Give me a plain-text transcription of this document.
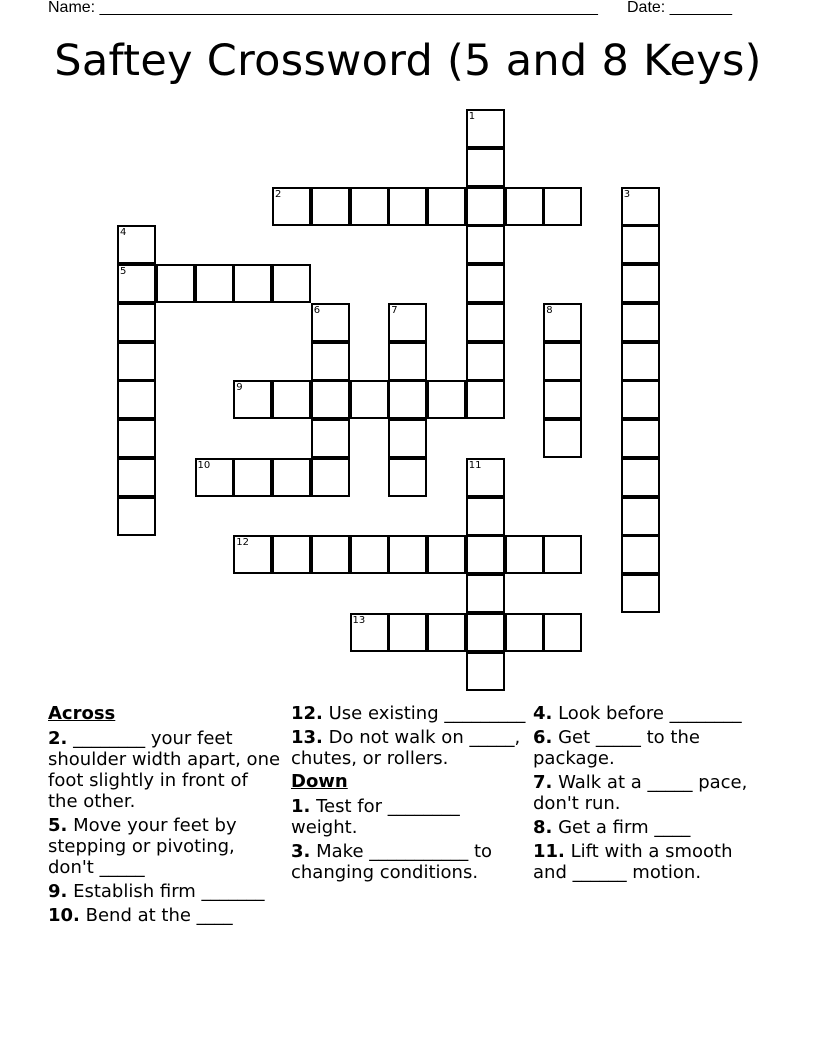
Name: ________________________________________________________ Date: _______
Saftey Crossword (5 and 8 Keys)
1
2	3
4
5
6	7	8
9
10	11
12
13
Across
2. ________ your feet shoulder width apart, one foot slightly in front of the other.
5. Move your feet by stepping or pivoting, don't _____
9. Establish firm _______
10. Bend at the ____
12. Use existing _________
13. Do not walk on _____, chutes, or rollers.
Down
1. Test for ________ weight.
3. Make ___________ to changing conditions.
4. Look before ________
6. Get _____ to the package.
7. Walk at a _____ pace, don't run.
8. Get a firm ____
11. Lift with a smooth and ______ motion.
